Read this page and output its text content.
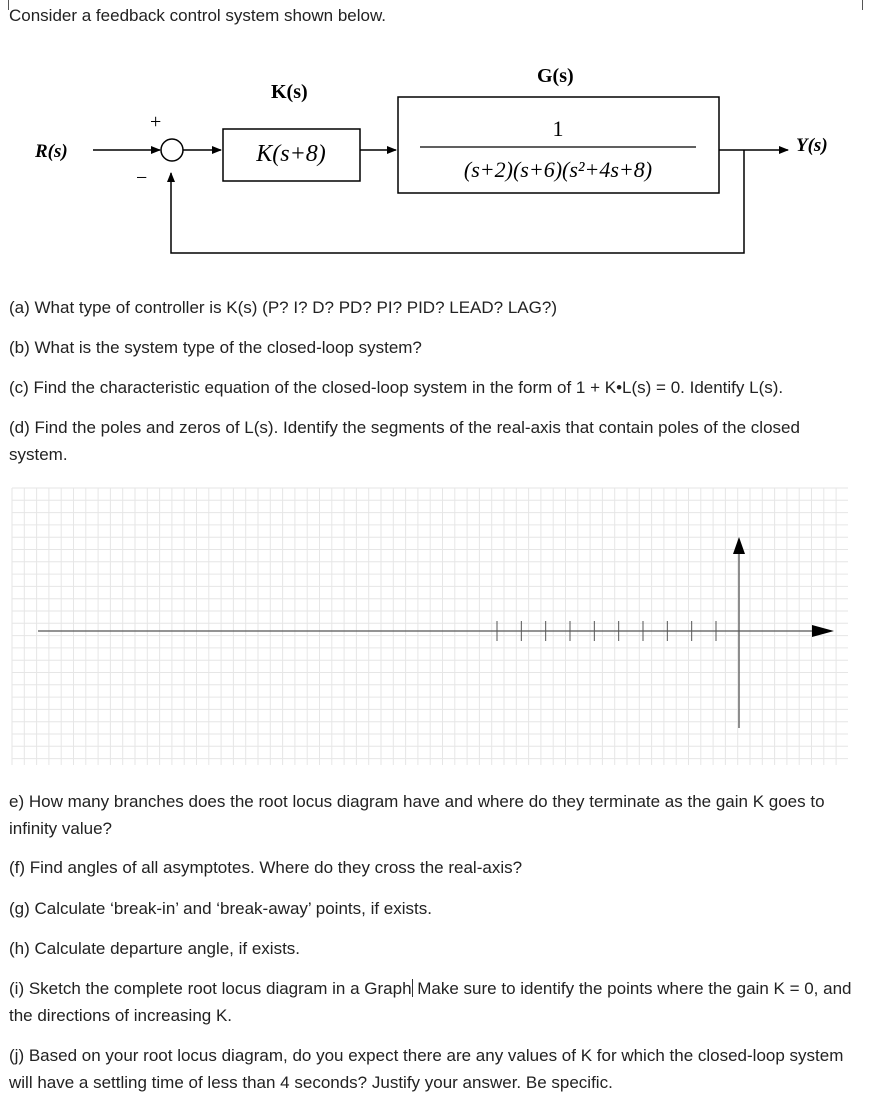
Consider a feedback control system shown below.
R(s)
+
−
K(s)
K(s+8)
G(s)
1
(s+2)(s+6)(s²+4s+8)
Y(s)
(a) What type of controller is K(s) (P? I? D? PD? PI? PID? LEAD? LAG?)
(b) What is the system type of the closed-loop system?
(c) Find the characteristic equation of the closed-loop system in the form of 1 + K•L(s) = 0. Identify L(s).
(d) Find the poles and zeros of L(s). Identify the segments of the real-axis that contain poles of the closed system.
e) How many branches does the root locus diagram have and where do they terminate as the gain K goes to infinity value?
(f) Find angles of all asymptotes. Where do they cross the real-axis?
(g) Calculate ‘break-in’ and ‘break-away’ points, if exists.
(h) Calculate departure angle, if exists.
(i) Sketch the complete root locus diagram in a Graph Make sure to identify the points where the gain K = 0, and the directions of increasing K.
(j) Based on your root locus diagram, do you expect there are any values of K for which the closed-loop system will have a settling time of less than 4 seconds? Justify your answer. Be specific.
